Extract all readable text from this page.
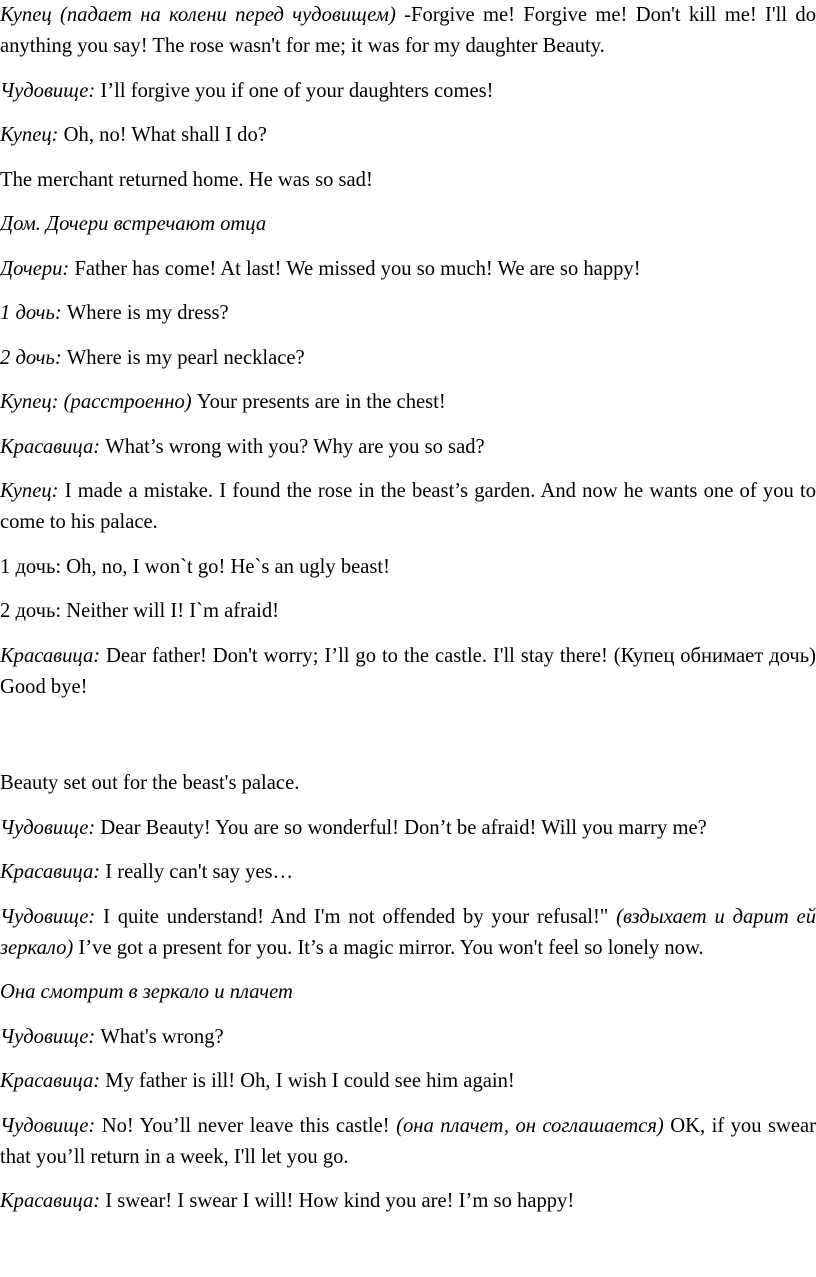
Купец (падает на колени перед чудовищем) -Forgive me! Forgive me! Don't kill me! I'll do anything you say! The rose wasn't for me; it was for my daughter Beauty.
Чудовище: I’ll forgive you if one of your daughters comes!
Купец: Oh, no! What shall I do?
The merchant returned home. He was so sad!
Дом. Дочери встречают отца
Дочери: Father has come! At last! We missed you so much! We are so happy!
1 дочь: Where is my dress?
2 дочь: Where is my pearl necklace?
Купец: (расстроенно) Your presents are in the chest!
Красавица: What’s wrong with you? Why are you so sad?
Купец: I made a mistake. I found the rose in the beast’s garden. And now he wants one of you to come to his palace.
1 дочь: Oh, no, I won`t go! He`s an ugly beast!
2 дочь: Neither will I! I`m afraid!
Красавица: Dear father! Don't worry; I’ll go to the castle. I'll stay there! (Купец обнимает дочь) Good bye!
Beauty set out for the beast's palace.
Чудовище: Dear Beauty! You are so wonderful! Don’t be afraid! Will you marry me?
Красавица: I really can't say yes…
Чудовище: I quite understand! And I'm not offended by your refusal!" (вздыхает и дарит ей зеркало) I’ve got a present for you. It’s a magic mirror. You won't feel so lonely now.
Она смотрит в зеркало и плачет
Чудовище: What's wrong?
Красавица: My father is ill! Oh, I wish I could see him again!
Чудовище: No! You’ll never leave this castle! (она плачет, он соглашается) OK, if you swear that you’ll return in a week, I'll let you go.
Красавица: I swear! I swear I will! How kind you are! I’m so happy!
